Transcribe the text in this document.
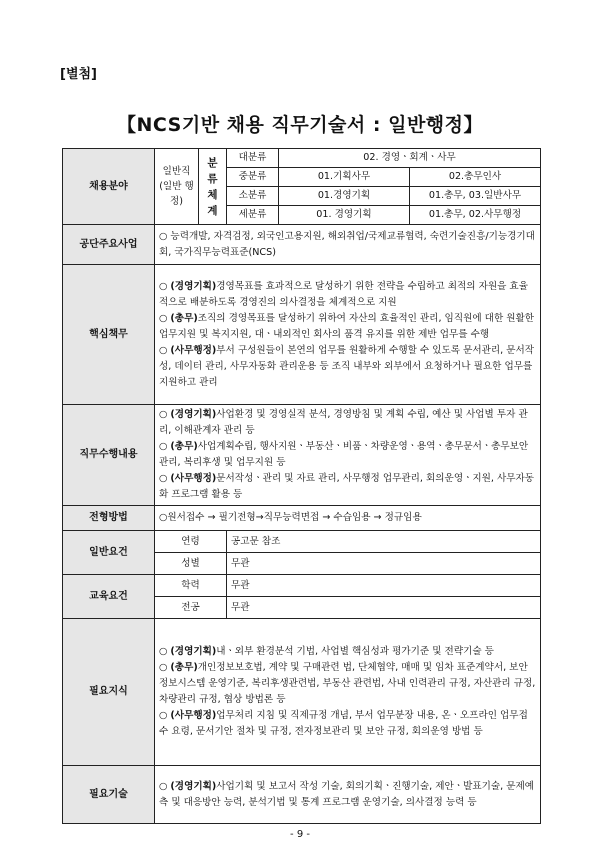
[별첨]
【NCS기반 채용 직무기술서 : 일반행정】
채용분야	일반직 (일반 행정)	분류 체계	대분류	02. 경영ㆍ회계ㆍ사무	
			중분류	01.기획사무	02.총무인사
			소분류	01.경영기획	01.총무, 03.일반사무
			세분류	01. 경영기획	01.총무, 02.사무행정
공단주요사업	○ 능력개발, 자격검정, 외국인고용지원, 해외취업/국제교류협력, 숙련기술진흥/기능경기대회, 국가직무능력표준(NCS)				
핵심책무	○ (경영기획)경영목표를 효과적으로 달성하기 위한 전략을 수립하고 최적의 자원을 효율적으로 배분하도록 경영진의 의사결정을 체계적으로 지원
○ (총무)조직의 경영목표를 달성하기 위하여 자산의 효율적인 관리, 임직원에 대한 원활한 업무지원 및 복지지원, 대ㆍ내외적인 회사의 품격 유지를 위한 제반 업무를 수행
○ (사무행정)부서 구성원들이 본연의 업무를 원활하게 수행할 수 있도록 문서관리, 문서작성, 데이터 관리, 사무자동화 관리운용 등 조직 내부와 외부에서 요청하거나 필요한 업무를 지원하고 관리				

직무수행내용	○ (경영기획)사업환경 및 경영실적 분석, 경영방침 및 계획 수립, 예산 및 사업별 투자 관리, 이해관계자 관리 등
○ (총무)사업계획수립, 행사지원ㆍ부동산ㆍ비품ㆍ차량운영ㆍ용역ㆍ총무문서ㆍ총무보안 관리, 복리후생 및 업무지원 등
○ (사무행정)문서작성ㆍ관리 및 자료 관리, 사무행정 업무관리, 회의운영ㆍ지원, 사무자동화 프로그램 활용 등				

전형방법	○원서접수 → 필기전형→직무능력면접 → 수습임용 → 정규임용				
일반요건	연령		공고문 참조		
	성별		무관		
교육요건	학력		무관		
	전공		무관		
필요지식	○ (경영기획)내ㆍ외부 환경분석 기법, 사업별 핵심성과 평가기준 및 전략기술 등
○ (총무)개인정보보호법, 계약 및 구매관련 법, 단체협약, 매매 및 임차 표준계약서, 보안정보시스템 운영기준, 복리후생관련법, 부동산 관련법, 사내 인력관리 규정, 자산관리 규정, 차량관리 규정, 협상 방법론 등
○ (사무행정)업무처리 지침 및 직제규정 개념, 부서 업무분장 내용, 온ㆍ오프라인 업무접수 요령, 문서기안 절차 및 규정, 전자정보관리 및 보안 규정, 회의운영 방법 등				

필요기술	○ (경영기획)사업기획 및 보고서 작성 기술, 회의기획ㆍ진행기술, 제안ㆍ발표기술, 문제예측 및 대응방안 능력, 분석기법 및 통계 프로그램 운영기술, 의사결정 능력 등				
- 9 -
